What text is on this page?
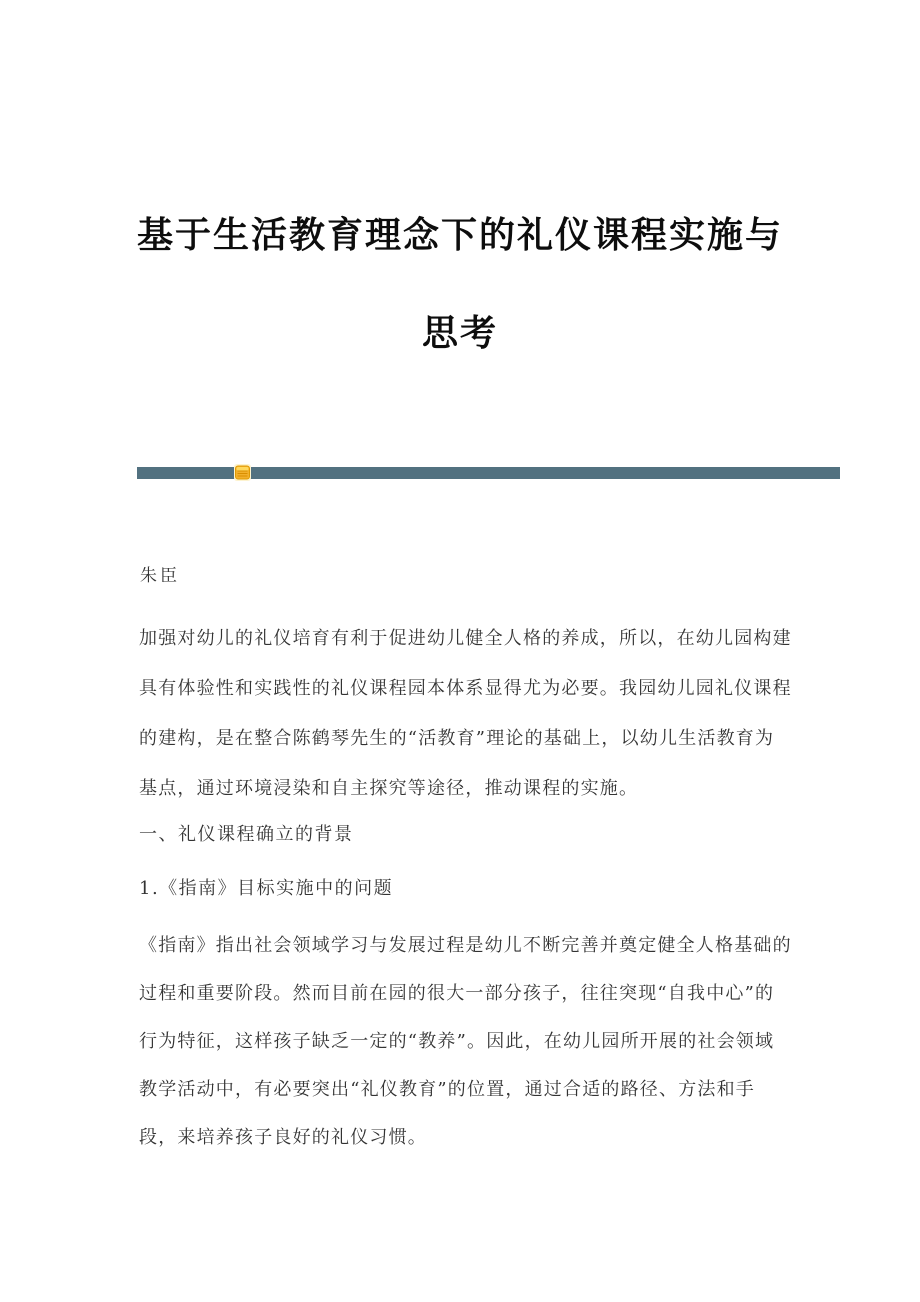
基于生活教育理念下的礼仪课程实施与
思考
朱臣
加强对幼儿的礼仪培育有利于促进幼儿健全人格的养成，所以，在幼儿园构建
具有体验性和实践性的礼仪课程园本体系显得尤为必要。我园幼儿园礼仪课程
的建构，是在整合陈鹤琴先生的“活教育”理论的基础上，以幼儿生活教育为
基点，通过环境浸染和自主探究等途径，推动课程的实施。
一、礼仪课程确立的背景
1.《指南》目标实施中的问题
《指南》指出社会领域学习与发展过程是幼儿不断完善并奠定健全人格基础的
过程和重要阶段。然而目前在园的很大一部分孩子，往往突现“自我中心”的
行为特征，这样孩子缺乏一定的“教养”。因此，在幼儿园所开展的社会领域
教学活动中，有必要突出“礼仪教育”的位置，通过合适的路径、方法和手
段，来培养孩子良好的礼仪习惯。
